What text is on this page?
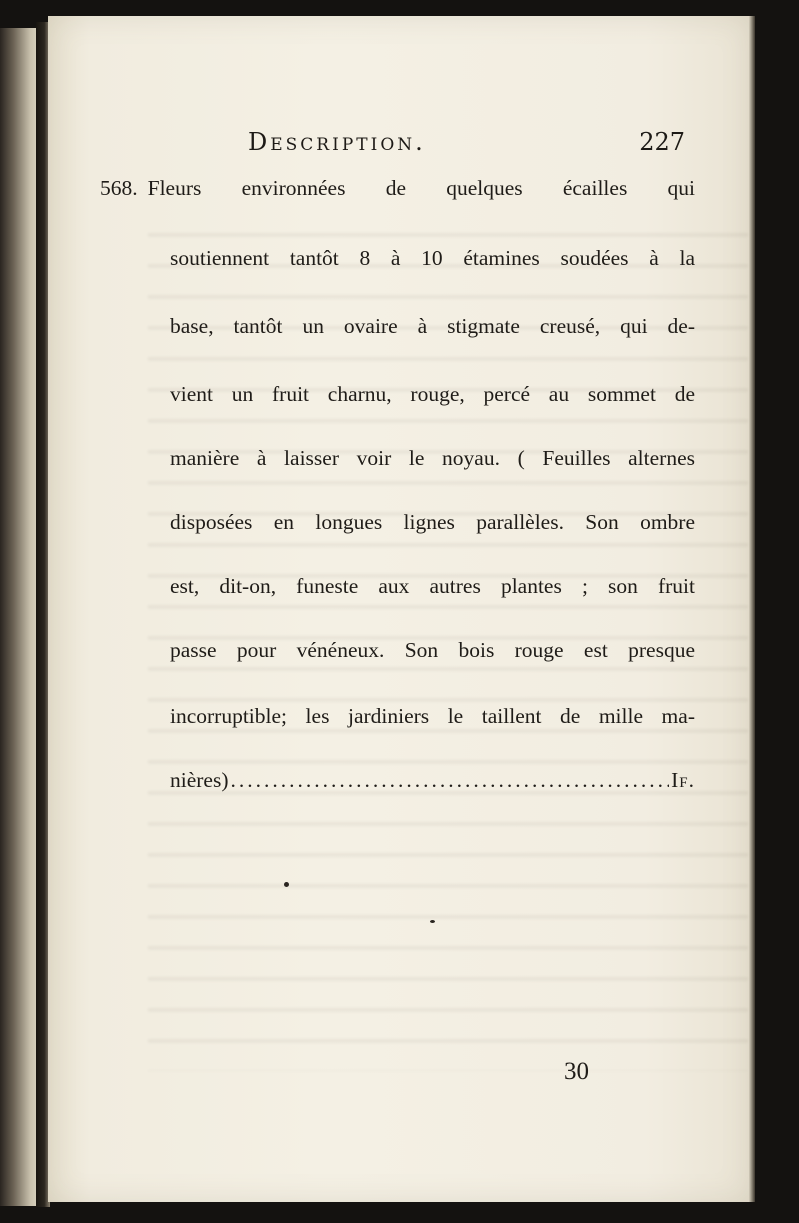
Description.	227
568. Fleurs environnées de quelques écailles qui
soutiennent tantôt 8 à 10 étamines soudées à la
base, tantôt un ovaire à stigmate creusé, qui de-
vient un fruit charnu, rouge, percé au sommet de
manière à laisser voir le noyau. ( Feuilles alternes
disposées en longues lignes parallèles. Son ombre
est, dit-on, funeste aux autres plantes ; son fruit
passe pour vénéneux. Son bois rouge est presque
incorruptible; les jardiniers le taillent de mille ma-
nières)
.....	If.
30
